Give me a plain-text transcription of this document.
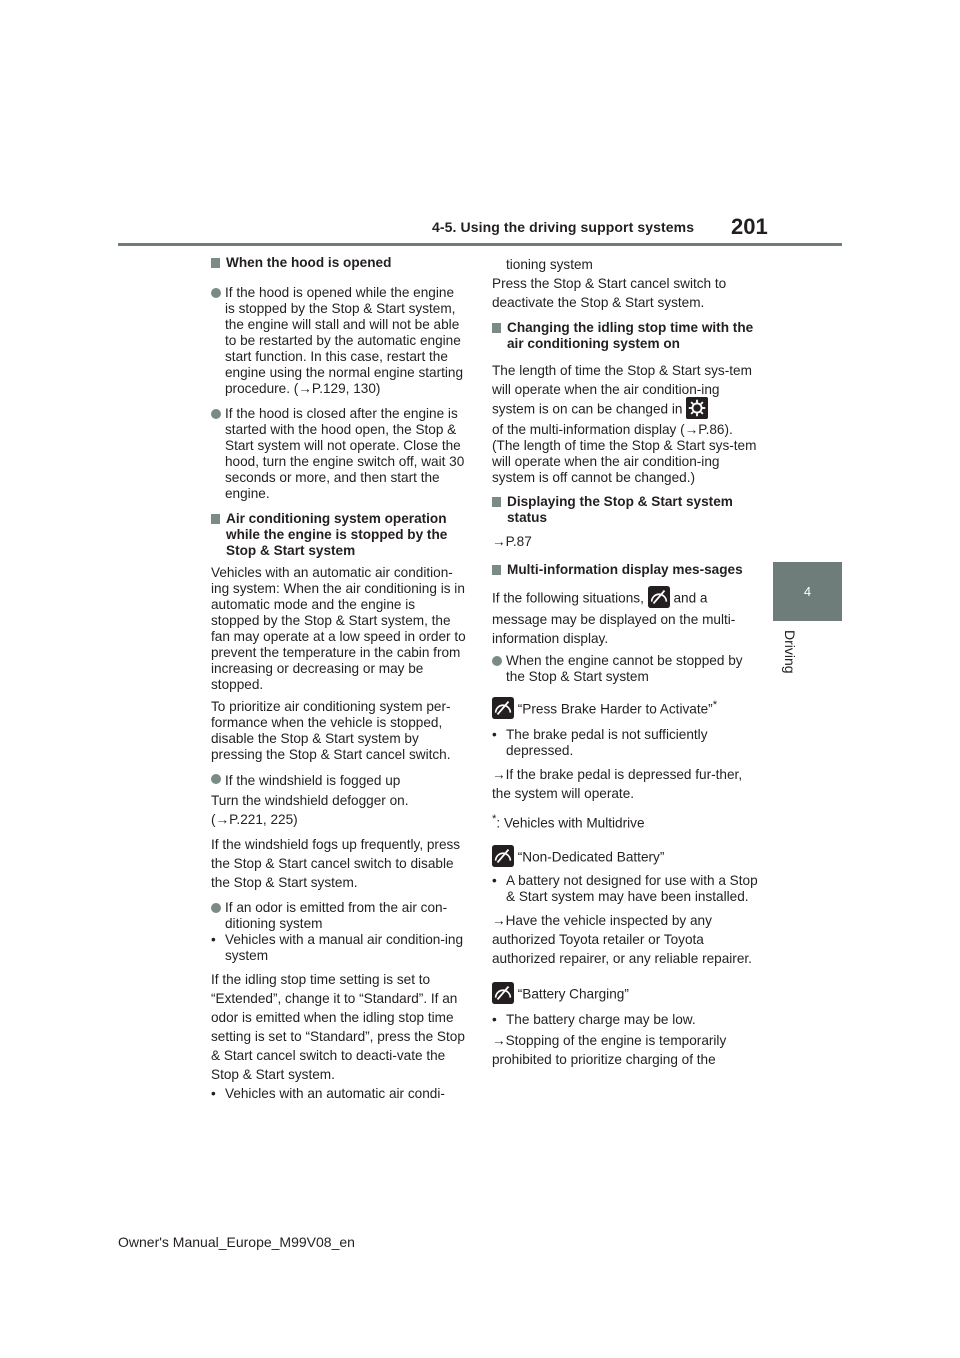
4-5. Using the driving support systems 201
4
Driving

When the hood is opened

If the hood is opened while the engine is stopped by the Stop & Start system, the engine will stall and will not be able to be restarted by the automatic engine start function. In this case, restart the engine using the normal engine starting procedure. (→P.129, 130)

If the hood is closed after the engine is started with the hood open, the Stop & Start system will not operate. Close the hood, turn the engine switch off, wait 30 seconds or more, and then start the engine.

Air conditioning system operation while the engine is stopped by the Stop & Start system

Vehicles with an automatic air condition-ing system: When the air conditioning is in automatic mode and the engine is stopped by the Stop & Start system, the fan may operate at a low speed in order to prevent the temperature in the cabin from increasing or decreasing or may be stopped.

To prioritize air conditioning system per-formance when the vehicle is stopped, disable the Stop & Start system by pressing the Stop & Start cancel switch.

If the windshield is fogged up

Turn the windshield defogger on.

(→P.221, 225)

If the windshield fogs up frequently, press the Stop & Start cancel switch to disable the Stop & Start system.

If an odor is emitted from the air con-ditioning system

• Vehicles with a manual air condition-ing system

If the idling stop time setting is set to “Extended”, change it to “Standard”. If an odor is emitted when the idling stop time setting is set to “Standard”, press the Stop & Start cancel switch to deacti-vate the Stop & Start system.

• Vehicles with an automatic air condi-

tioning system

Press the Stop & Start cancel switch to deactivate the Stop & Start system.

Changing the idling stop time with the air conditioning system on

The length of time the Stop & Start sys-tem will operate when the air condition-ing system is on can be changed in

of the multi-information display (→P.86). (The length of time the Stop & Start sys-tem will operate when the air condition-ing system is off cannot be changed.)

Displaying the Stop & Start system status

→P.87

Multi-information display mes-sages

If the following situations, and a message may be displayed on the multi-information display.

When the engine cannot be stopped by the Stop & Start system

“Press Brake Harder to Activate”*

• The brake pedal is not sufficiently depressed.

→If the brake pedal is depressed fur-ther, the system will operate.

*: Vehicles with Multidrive

“Non-Dedicated Battery”

• A battery not designed for use with a Stop & Start system may have been installed.

→Have the vehicle inspected by any authorized Toyota retailer or Toyota authorized repairer, or any reliable repairer.

“Battery Charging”

• The battery charge may be low.

→Stopping of the engine is temporarily prohibited to prioritize charging of the

Owner's Manual_Europe_M99V08_en
